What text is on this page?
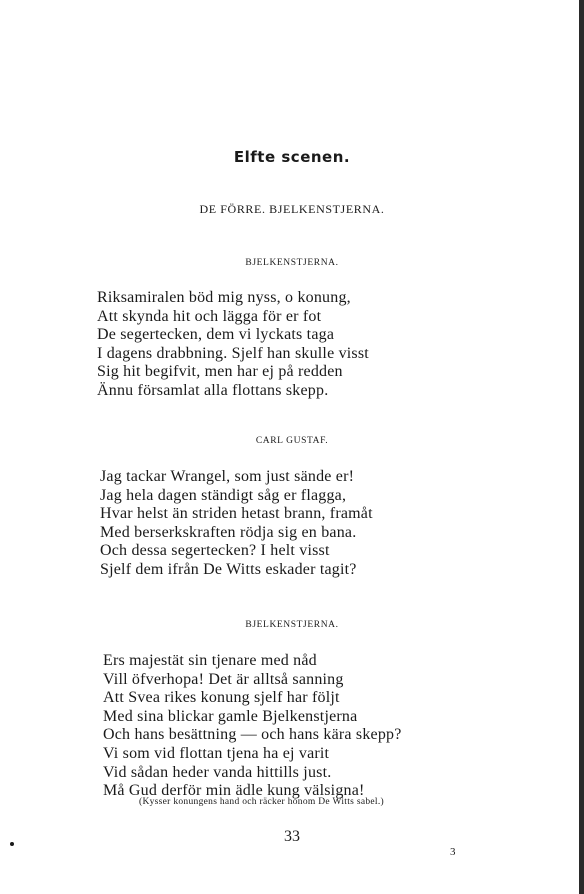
Elfte scenen.
DE FÖRRE. BJELKENSTJERNA.
BJELKENSTJERNA.
Riksamiralen böd mig nyss, o konung,
Att skynda hit och lägga för er fot
De segertecken, dem vi lyckats taga
I dagens drabbning. Sjelf han skulle visst
Sig hit begifvit, men har ej på redden
Ännu församlat alla flottans skepp.
CARL GUSTAF.
Jag tackar Wrangel, som just sände er!
Jag hela dagen ständigt såg er flagga,
Hvar helst än striden hetast brann, framåt
Med berserkskraften rödja sig en bana.
Och dessa segertecken? I helt visst
Sjelf dem ifrån De Witts eskader tagit?
BJELKENSTJERNA.
Ers majestät sin tjenare med nåd
Vill öfverhopa! Det är alltså sanning
Att Svea rikes konung sjelf har följt
Med sina blickar gamle Bjelkenstjerna
Och hans besättning — och hans kära skepp?
Vi som vid flottan tjena ha ej varit
Vid sådan heder vanda hittills just.
Må Gud derför min ädle kung välsigna!
(Kysser konungens hand och räcker honom De Witts sabel.)
33
3
